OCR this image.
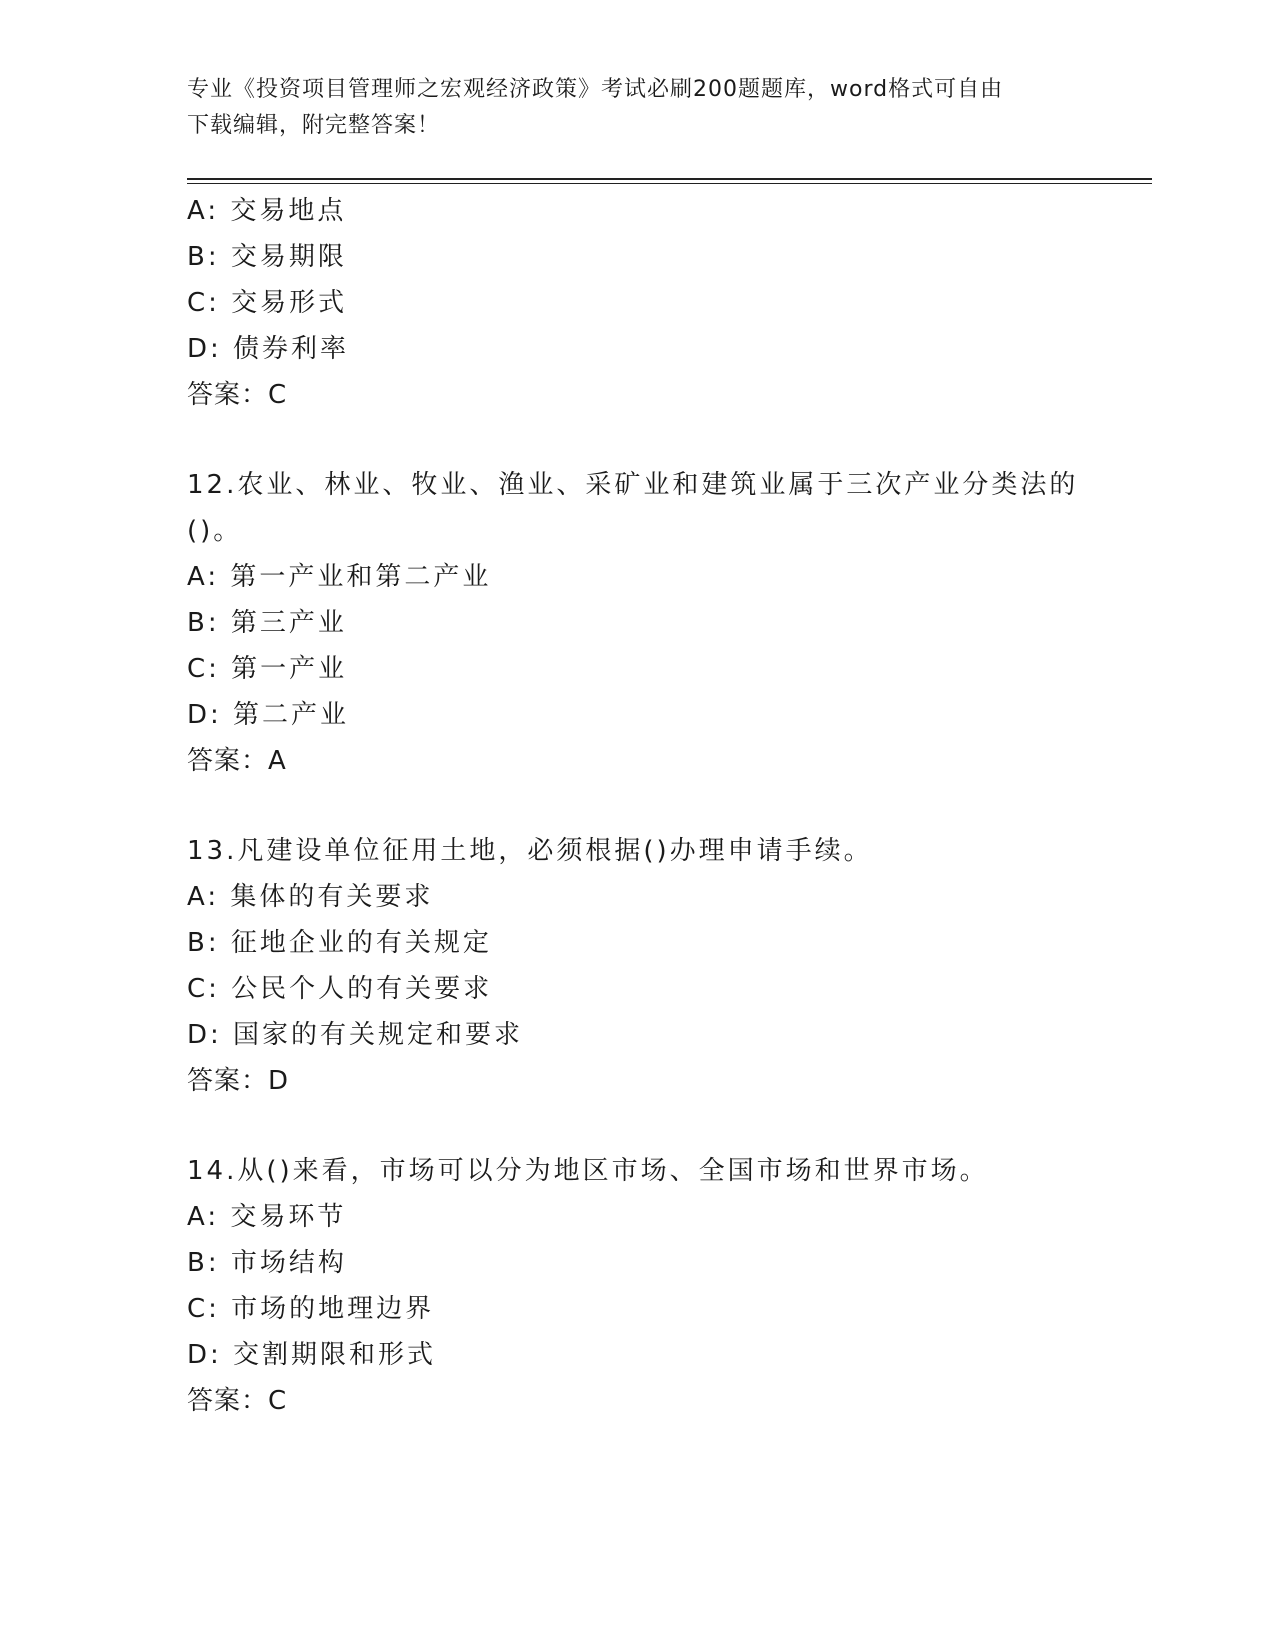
专业《投资项目管理师之宏观经济政策》考试必刷200题题库，word格式可自由
下载编辑，附完整答案！
A: 交易地点
B: 交易期限
C: 交易形式
D: 债券利率
答案：C
12.农业、林业、牧业、渔业、采矿业和建筑业属于三次产业分类法的
()。
A: 第一产业和第二产业
B: 第三产业
C: 第一产业
D: 第二产业
答案：A
13.凡建设单位征用土地，必须根据()办理申请手续。
A: 集体的有关要求
B: 征地企业的有关规定
C: 公民个人的有关要求
D: 国家的有关规定和要求
答案：D
14.从()来看，市场可以分为地区市场、全国市场和世界市场。
A: 交易环节
B: 市场结构
C: 市场的地理边界
D: 交割期限和形式
答案：C
